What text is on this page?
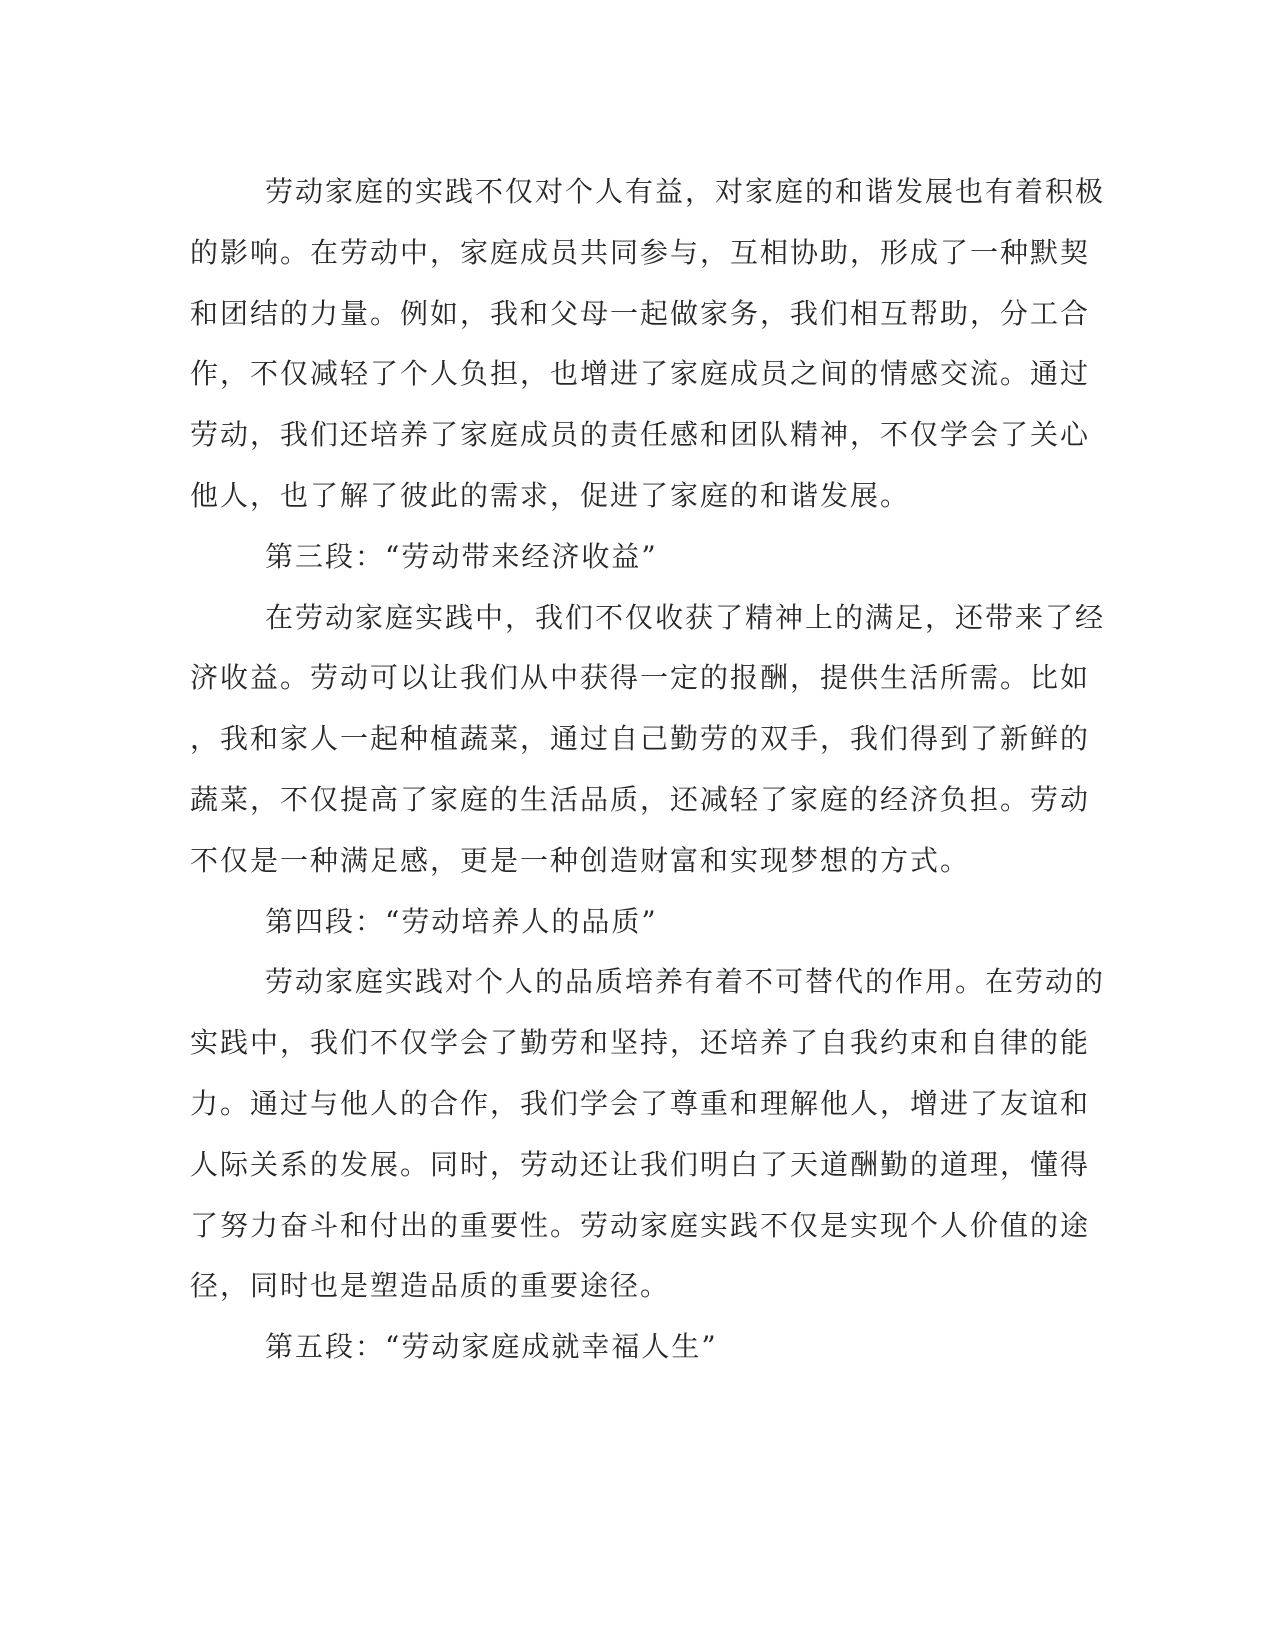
劳动家庭的实践不仅对个人有益，对家庭的和谐发展也有着积极
的影响。在劳动中，家庭成员共同参与，互相协助，形成了一种默契
和团结的力量。例如，我和父母一起做家务，我们相互帮助，分工合
作，不仅减轻了个人负担，也增进了家庭成员之间的情感交流。通过
劳动，我们还培养了家庭成员的责任感和团队精神，不仅学会了关心
他人，也了解了彼此的需求，促进了家庭的和谐发展。
第三段：“劳动带来经济收益”
在劳动家庭实践中，我们不仅收获了精神上的满足，还带来了经
济收益。劳动可以让我们从中获得一定的报酬，提供生活所需。比如
，我和家人一起种植蔬菜，通过自己勤劳的双手，我们得到了新鲜的
蔬菜，不仅提高了家庭的生活品质，还减轻了家庭的经济负担。劳动
不仅是一种满足感，更是一种创造财富和实现梦想的方式。
第四段：“劳动培养人的品质”
劳动家庭实践对个人的品质培养有着不可替代的作用。在劳动的
实践中，我们不仅学会了勤劳和坚持，还培养了自我约束和自律的能
力。通过与他人的合作，我们学会了尊重和理解他人，增进了友谊和
人际关系的发展。同时，劳动还让我们明白了天道酬勤的道理，懂得
了努力奋斗和付出的重要性。劳动家庭实践不仅是实现个人价值的途
径，同时也是塑造品质的重要途径。
第五段：“劳动家庭成就幸福人生”
